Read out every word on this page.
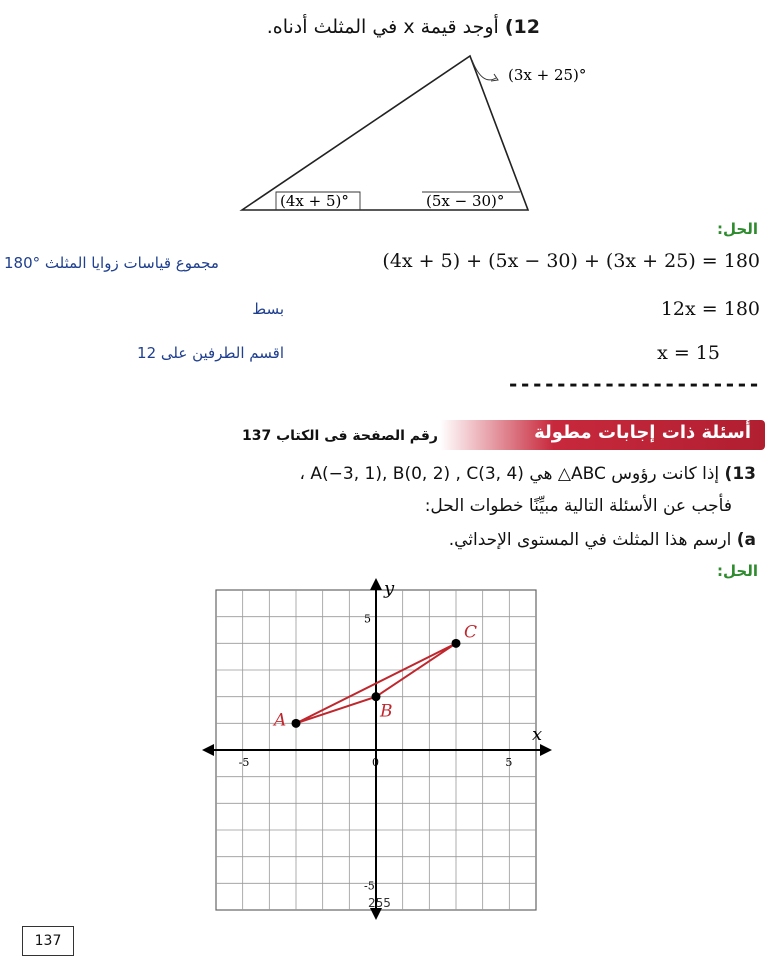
12) أوجد قيمة x في المثلث أدناه.
(3x + 25)°
(4x + 5)°	(5x − 30)°
الحل:
(4x + 5) + (5x − 30) + (3x + 25) = 180
مجموع قياسات زوايا المثلث °180
12x = 180
بسط
x = 15
اقسم الطرفين على 12
---------------------
أسئلة ذات إجابات مطولة
رقم الصفحة فى الكتاب 137
13) إذا كانت رؤوس ABC△ هي A(−3, 1), B(0, 2) , C(3, 4) ،
فأجب عن الأسئلة التالية مبيِّنًا خطوات الحل:
a) ارسم هذا المثلث في المستوى الإحداثي.
الحل:
x
y
-5	0	5
5
-5
A	B
C
255
137
